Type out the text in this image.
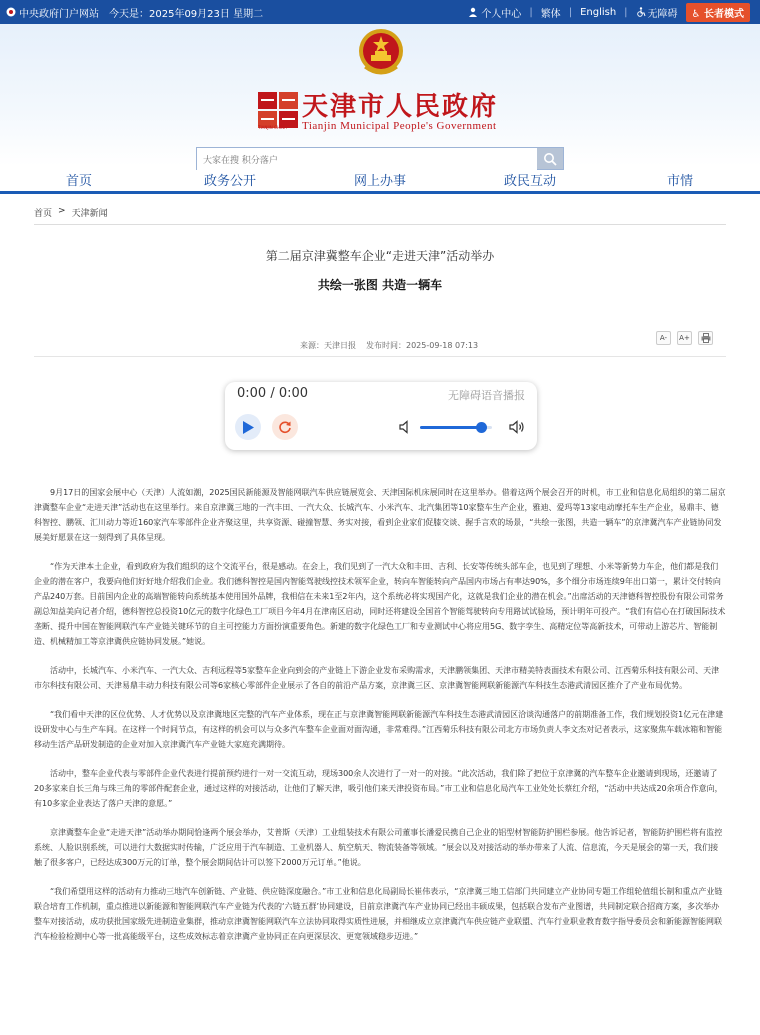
中央政府门户网站 今天是：2025年09月23日 星期二	个人中心 | 繁体 | English | 无障碍	♿ 长者模式
TIANJIN CHINA
天津市人民政府
Tianjin Municipal People's Government
大家在搜 积分落户
首页	政务公开	网上办事	政民互动	市情
首页 > 天津新闻
第二届京津冀整车企业“走进天津”活动举办
共绘一张图 共造一辆车
A-	A+
来源：天津日报 发布时间：2025-09-18 07:13
0:00 / 0:00	无障碍语音播报

9月17日的国家会展中心（天津）人流如潮，2025国民新能源及智能网联汽车供应链展览会、天津国际机床展同时在这里举办。借着这两个展会召开的时机，市工业和信息化局组织的第二届京津冀整车企业“走进天津”活动也在这里举行。来自京津冀三地的一汽丰田、一汽大众、长城汽车、小米汽车、北汽集团等10家整车生产企业，雅迪、爱玛等13家电动摩托车生产企业，易鼎丰、德科智控、鹏领、汇川动力等近160家汽车零部件企业齐聚这里，共享资源、碰撞智慧、务实对接，看到企业家们促膝交谈、握手言欢的场景，“共绘一张图，共造一辆车”的京津冀汽车产业链协同发展美好愿景在这一刻得到了具体呈现。

“作为天津本土企业，看到政府为我们组织的这个交流平台，很是感动。在会上，我们见到了一汽大众和丰田、吉利、长安等传统头部车企，也见到了理想、小米等新势力车企，他们都是我们企业的潜在客户，我要向他们好好地介绍我们企业。我们德科智控是国内智能驾驶线控技术领军企业，转向车智能转向产品国内市场占有率达90%，多个细分市场连续9年出口第一，累计交付转向产品240万套。目前国内企业的高端智能转向系统基本使用国外品牌，我相信在未来1至2年内，这个系统必将实现国产化，这就是我们企业的潜在机会。”出席活动的天津德科智控股份有限公司常务副总知益美向记者介绍，德科智控总投资10亿元的数字化绿色工厂项目今年4月在津南区启动，同时还将建设全国首个智能驾驶转向专用路试试验场，预计明年可投产。“我们有信心在打破国际技术垄断、提升中国在智能网联汽车产业链关键环节的自主可控能力方面扮演重要角色。新建的数字化绿色工厂和专业测试中心将应用5G、数字孪生、高精定位等高新技术，可带动上游芯片、智能制造、机械精加工等京津冀供应链协同发展。”她说。

活动中，长城汽车、小米汽车、一汽大众、吉利远程等5家整车企业向到会的产业链上下游企业发布采购需求，天津鹏领集团、天津市精美特表面技术有限公司、江西菊乐科技有限公司、天津市尔科技有限公司、天津易鼎丰动力科技有限公司等6家核心零部件企业展示了各自的前沿产品方案，京津冀三区、京津冀智能网联新能源汽车科技生态港武清园区推介了产业布局优势。

“我们看中天津的区位优势、人才优势以及京津冀地区完整的汽车产业体系，现在正与京津冀智能网联新能源汽车科技生态港武清园区洽谈沟通落户的前期准备工作，我们规划投资1亿元在津建设研发中心与生产车间。在这样一个时间节点，有这样的机会可以与众多汽车整车企业面对面沟通，非常难得。”江西菊乐科技有限公司北方市场负责人李文杰对记者表示，这家聚焦车载冰箱和智能移动生活产品研发制造的企业对加入京津冀汽车产业链大家庭充满期待。

活动中，整车企业代表与零部件企业代表进行提前预约进行一对一交流互动，现场300余人次进行了一对一的对接。“此次活动，我们除了把位于京津冀的汽车整车企业邀请到现场，还邀请了20多家来自长三角与珠三角的零部件配套企业，通过这样的对接活动，让他们了解天津，吸引他们来天津投资布局。”市工业和信息化局汽车工业处处长蔡红介绍，“活动中共达成20余项合作意向，有10多家企业表达了落户天津的意愿。”

京津冀整车企业“走进天津”活动举办期间恰逢两个展会举办，艾普斯（天津）工业组装技术有限公司董事长潘爱民携自己企业的铝型材智能防护围栏参展。他告诉记者，智能防护围栏将有监控系统、人脸识别系统，可以进行大数据实时传输，广泛应用于汽车制造、工业机器人、航空航天、物流装备等领域。“展会以及对接活动的举办带来了人流、信息流，今天是展会的第一天，我们接触了很多客户，已经达成300万元的订单，整个展会期间估计可以签下2000万元订单。”他说。

“我们希望用这样的活动有力推动三地汽车创新链、产业链、供应链深度融合。”市工业和信息化局副局长崔伟表示，“京津冀三地工信部门共同建立产业协同专题工作组轮值组长制和重点产业链联合培育工作机制，重点推进以新能源和智能网联汽车产业链为代表的‘六链五群’协同建设，目前京津冀汽车产业协同已经出丰硕成果，包括联合发布产业图谱，共同制定联合招商方案，多次举办整车对接活动，成功获批国家级先进制造业集群，推动京津冀智能网联汽车立法协同取得实质性进展，并相继成立京津冀汽车供应链产业联盟、汽车行业职业教育数字指导委员会和新能源智能网联汽车检验检测中心等一批高能级平台，这些成效标志着京津冀产业协同正在向更深层次、更宽领域稳步迈进。”
